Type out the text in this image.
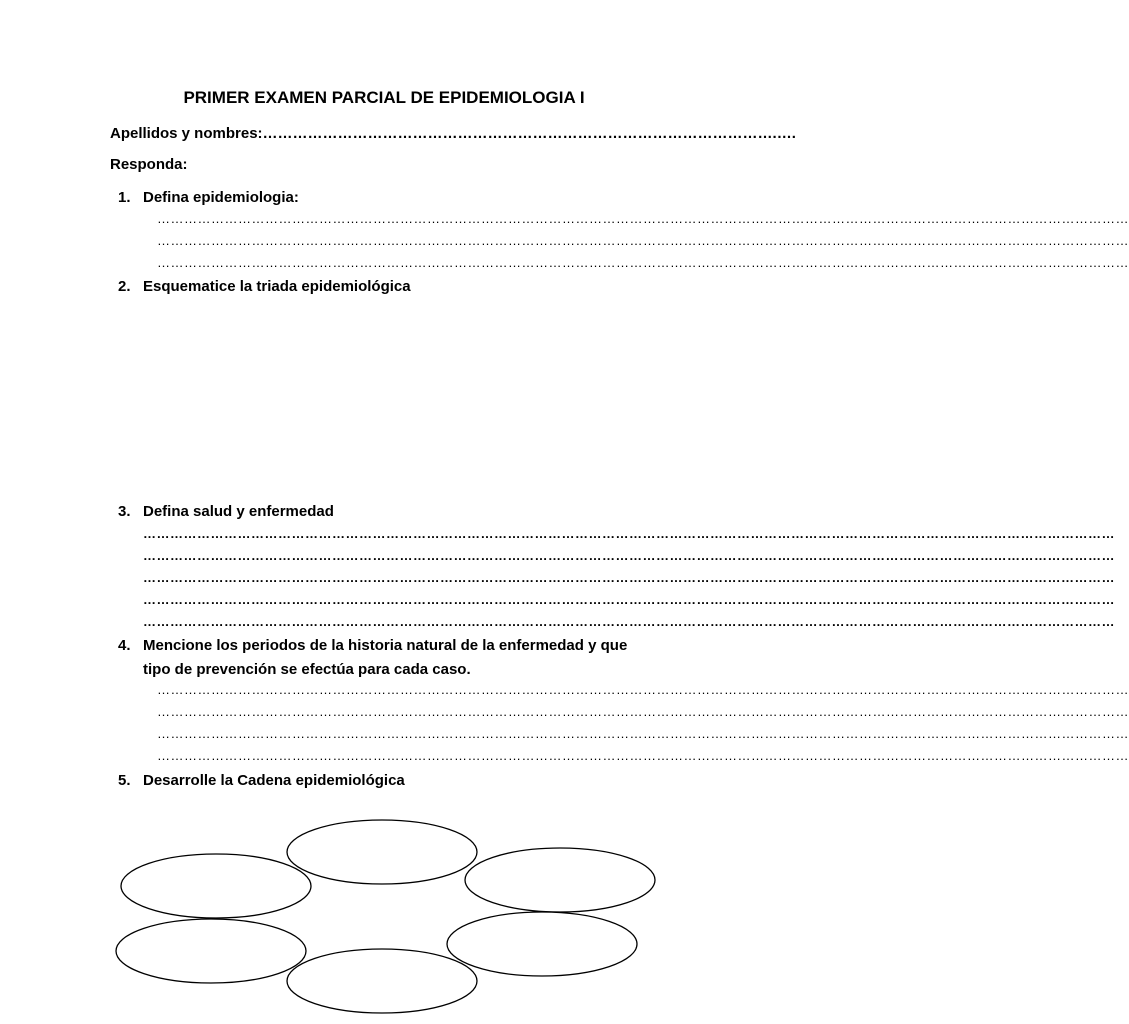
PRIMER EXAMEN PARCIAL DE EPIDEMIOLOGIA I
Apellidos y nombres:………………………………………………………………………………………….….
Responda:
1. Defina epidemiologia:
………………………………………………………………………………………………………………………………………………………………………………………………
………………………………………………………………………………………………………………………………………………………………………………………………
………………………………………………………………………………………………………………………………………………………………………………………………
2. Esquematice la triada epidemiológica
3. Defina salud y enfermedad
………………………………………………………………………………………………………………………………………………………………………………………………
………………………………………………………………………………………………………………………………………………………………………………………………
………………………………………………………………………………………………………………………………………………………………………………………………
………………………………………………………………………………………………………………………………………………………………………………………………
………………………………………………………………………………………………………………………………………………………………………………………………
4. Mencione los periodos de la historia natural de la enfermedad y que
tipo de prevención se efectúa para cada caso.
………………………………………………………………………………………………………………………………………………………………………………………………
………………………………………………………………………………………………………………………………………………………………………………………………
………………………………………………………………………………………………………………………………………………………………………………………………
………………………………………………………………………………………………………………………………………………………………………………………………
5. Desarrolle la Cadena epidemiológica
